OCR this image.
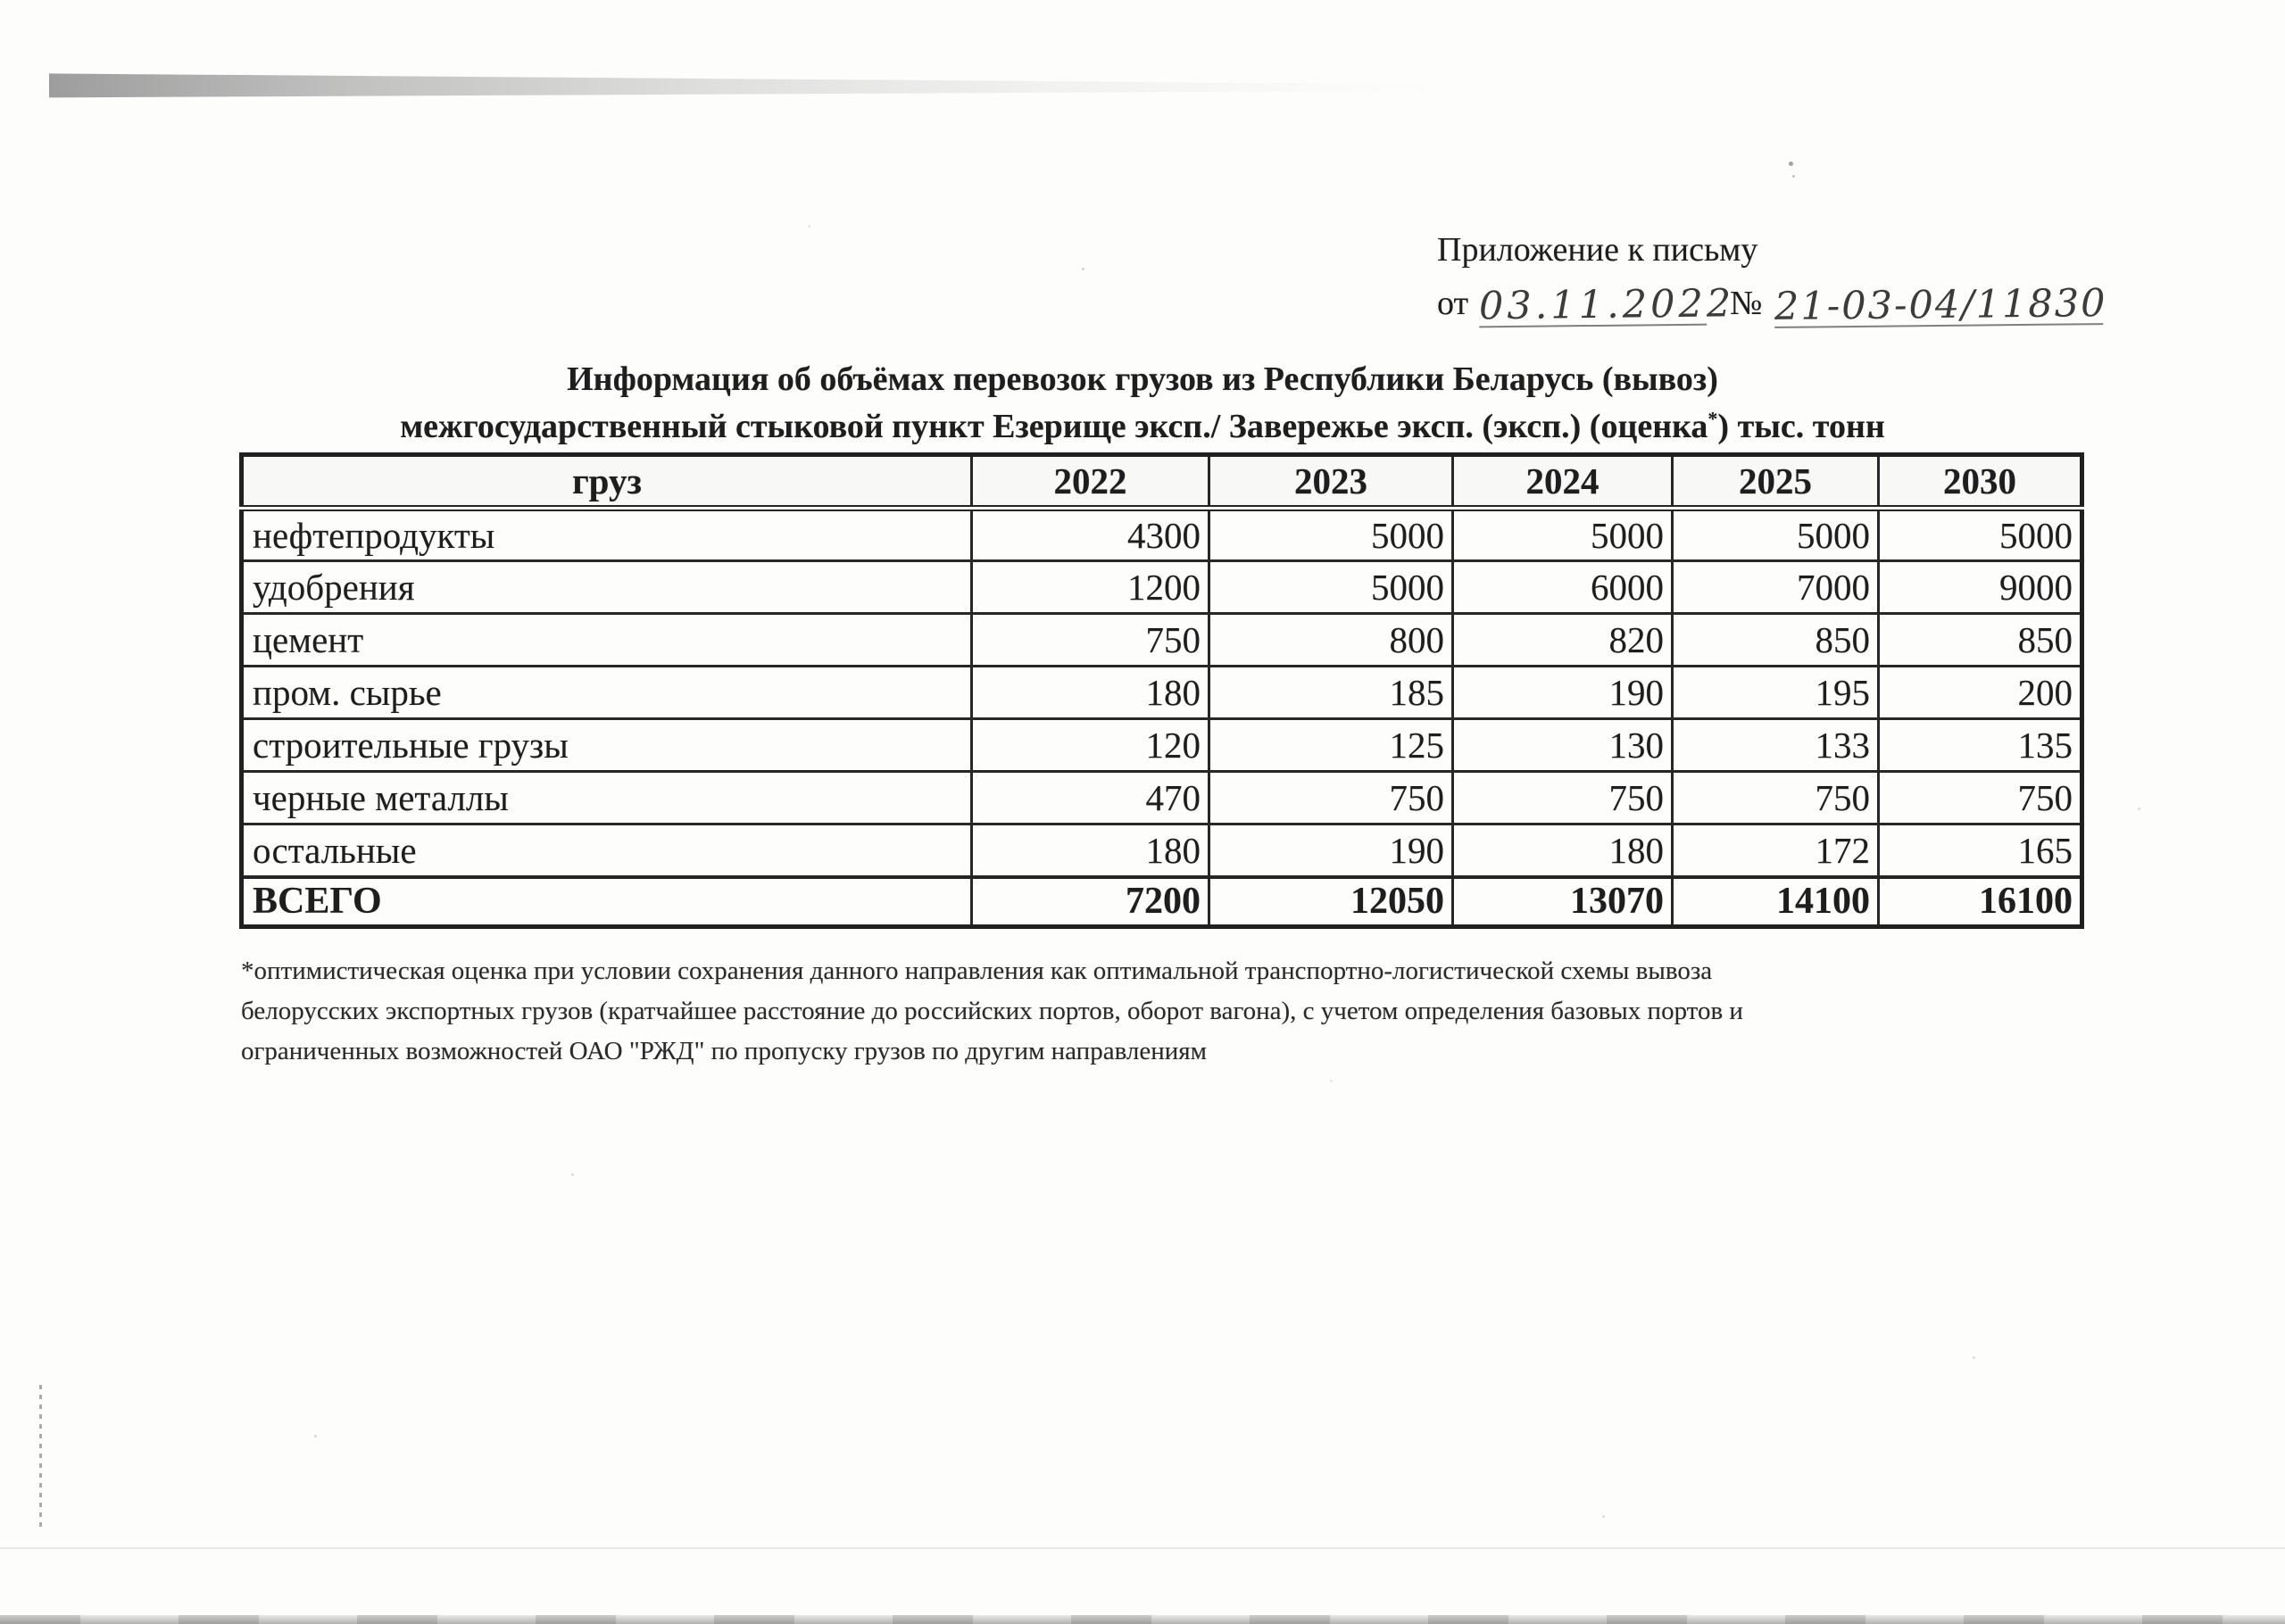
Приложение к письму
от 03.11.2022
№ 21-03-04/11830
Информация об объёмах перевозок грузов из Республики Беларусь (вывоз)
межгосударственный стыковой пункт Езерище эксп./ Завережье эксп. (эксп.) (оценка*) тыс. тонн
груз	2022	2023	2024	2025	2030
нефтепродукты	4300	5000	5000	5000	5000
удобрения	1200	5000	6000	7000	9000
цемент	750	800	820	850	850
пром. сырье	180	185	190	195	200
строительные грузы	120	125	130	133	135
черные металлы	470	750	750	750	750
остальные	180	190	180	172	165
ВСЕГО	7200	12050	13070	14100	16100
*оптимистическая оценка при условии сохранения данного направления как оптимальной транспортно-логистической схемы вывоза
белорусских экспортных грузов (кратчайшее расстояние до российских портов, оборот вагона), с учетом определения базовых портов и
ограниченных возможностей ОАО "РЖД" по пропуску грузов по другим направлениям
